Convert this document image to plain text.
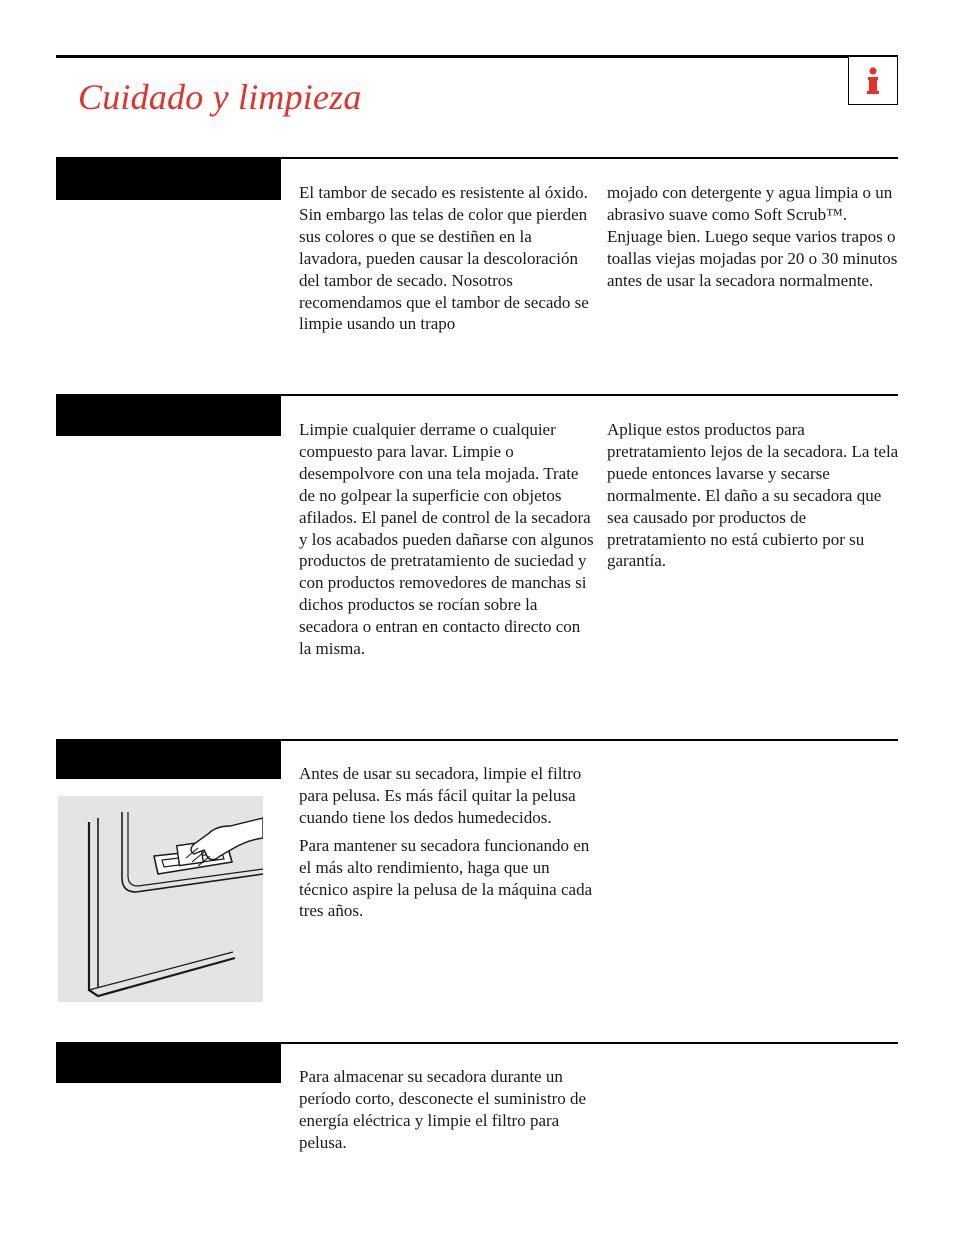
Cuidado y limpieza

El tambor de secado es resistente al óxido. Sin embargo las telas de color que pierden sus colores o que se destiñen en la lavadora, pueden causar la descoloración del tambor de secado. Nosotros recomendamos que el tambor de secado se limpie usando un trapo

mojado con detergente y agua limpia o un abrasivo suave como Soft Scrub™. Enjuage bien. Luego seque varios trapos o toallas viejas mojadas por 20 o 30 minutos antes de usar la secadora normalmente.

Limpie cualquier derrame o cualquier compuesto para lavar. Limpie o desempolvore con una tela mojada. Trate de no golpear la superficie con objetos afilados. El panel de control de la secadora y los acabados pueden dañarse con algunos productos de pretratamiento de suciedad y con productos removedores de manchas si dichos productos se rocían sobre la secadora o entran en contacto directo con la misma.

Aplique estos productos para pretratamiento lejos de la secadora. La tela puede entonces lavarse y secarse normalmente. El daño a su secadora que sea causado por productos de pretratamiento no está cubierto por su garantía.

Antes de usar su secadora, limpie el filtro para pelusa. Es más fácil quitar la pelusa cuando tiene los dedos humedecidos.

Para mantener su secadora funcionando en el más alto rendimiento, haga que un técnico aspire la pelusa de la máquina cada tres años.

Para almacenar su secadora durante un período corto, desconecte el suministro de energía eléctrica y limpie el filtro para pelusa.
